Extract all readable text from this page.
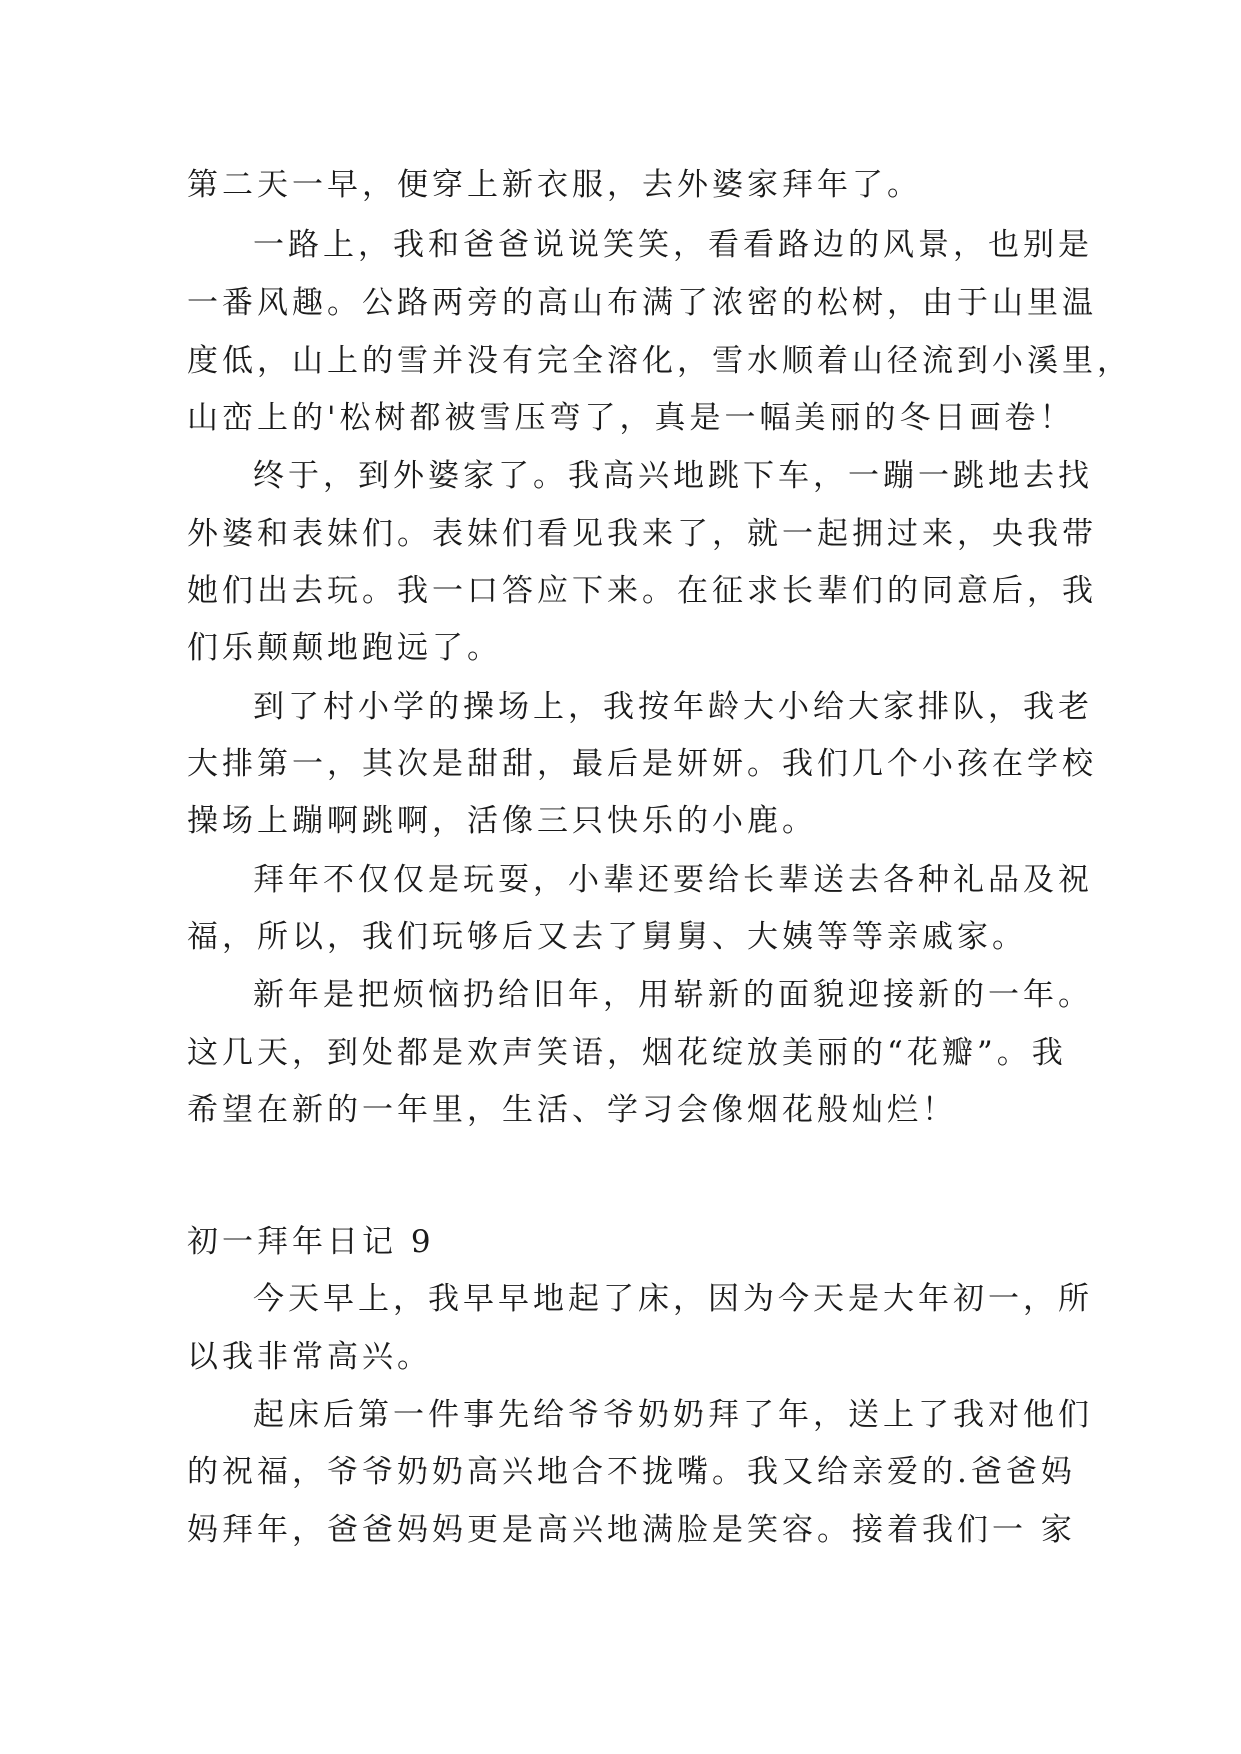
第二天一早，便穿上新衣服，去外婆家拜年了。
一路上，我和爸爸说说笑笑，看看路边的风景，也别是
一番风趣。公路两旁的高山布满了浓密的松树，由于山里温
度低，山上的雪并没有完全溶化，雪水顺着山径流到小溪里，
山峦上的'松树都被雪压弯了，真是一幅美丽的冬日画卷！
终于，到外婆家了。我高兴地跳下车，一蹦一跳地去找
外婆和表妹们。表妹们看见我来了，就一起拥过来，央我带
她们出去玩。我一口答应下来。在征求长辈们的同意后，我
们乐颠颠地跑远了。
到了村小学的操场上，我按年龄大小给大家排队，我老
大排第一，其次是甜甜，最后是妍妍。我们几个小孩在学校
操场上蹦啊跳啊，活像三只快乐的小鹿。
拜年不仅仅是玩耍，小辈还要给长辈送去各种礼品及祝
福，所以，我们玩够后又去了舅舅、大姨等等亲戚家。
新年是把烦恼扔给旧年，用崭新的面貌迎接新的一年。
这几天，到处都是欢声笑语，烟花绽放美丽的“花瓣”。我
希望在新的一年里，生活、学习会像烟花般灿烂！
初一拜年日记 9
今天早上，我早早地起了床，因为今天是大年初一，所
以我非常高兴。
起床后第一件事先给爷爷奶奶拜了年，送上了我对他们
的祝福，爷爷奶奶高兴地合不拢嘴。我又给亲爱的.爸爸妈
妈拜年，爸爸妈妈更是高兴地满脸是笑容。接着我们一 家
